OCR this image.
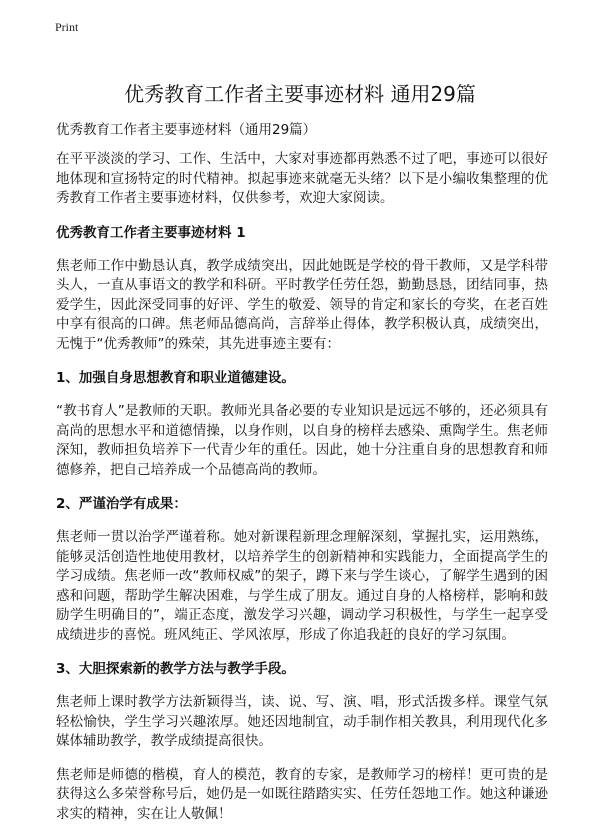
Print
优秀教育工作者主要事迹材料 通用29篇
优秀教育工作者主要事迹材料（通用29篇）

在平平淡淡的学习、工作、生活中，大家对事迹都再熟悉不过了吧，事迹可以很好地体现和宣扬特定的时代精神。拟起事迹来就毫无头绪？以下是小编收集整理的优秀教育工作者主要事迹材料，仅供参考，欢迎大家阅读。

优秀教育工作者主要事迹材料 1

焦老师工作中勤恳认真，教学成绩突出，因此她既是学校的骨干教师，又是学科带头人，一直从事语文的教学和科研。平时教学任劳任怨，勤勤恳恳，团结同事，热爱学生，因此深受同事的好评、学生的敬爱、领导的肯定和家长的夸奖，在老百姓中享有很高的口碑。焦老师品德高尚，言辞举止得体，教学积极认真，成绩突出，无愧于“优秀教师”的殊荣，其先进事迹主要有：

1、加强自身思想教育和职业道德建设。

“教书育人”是教师的天职。教师光具备必要的专业知识是远远不够的，还必须具有高尚的思想水平和道德情操，以身作则，以自身的榜样去感染、熏陶学生。焦老师深知，教师担负培养下一代青少年的重任。因此，她十分注重自身的思想教育和师德修养，把自己培养成一个品德高尚的教师。

2、严谨治学有成果：

焦老师一贯以治学严谨着称。她对新课程新理念理解深刻，掌握扎实，运用熟练，能够灵活创造性地使用教材，以培养学生的创新精神和实践能力，全面提高学生的学习成绩。焦老师一改“教师权威”的架子，蹲下来与学生谈心，了解学生遇到的困惑和问题，帮助学生解决困难，与学生成了朋友。通过自身的人格榜样，影响和鼓励学生明确目的”，端正态度，激发学习兴趣，调动学习积极性，与学生一起享受成绩进步的喜悦。班风纯正、学风浓厚，形成了你追我赶的良好的学习氛围。

3、大胆探索新的教学方法与教学手段。

焦老师上课时教学方法新颖得当，读、说、写、演、唱，形式活拨多样。课堂气氛轻松愉快，学生学习兴趣浓厚。她还因地制宜，动手制作相关教具，利用现代化多媒体辅助教学，教学成绩提高很快。

焦老师是师德的楷模，育人的模范，教育的专家，是教师学习的榜样！更可贵的是获得这么多荣誉称号后，她仍是一如既往踏踏实实、任劳任怨地工作。她这种谦逊求实的精神，实在让人敬佩！
